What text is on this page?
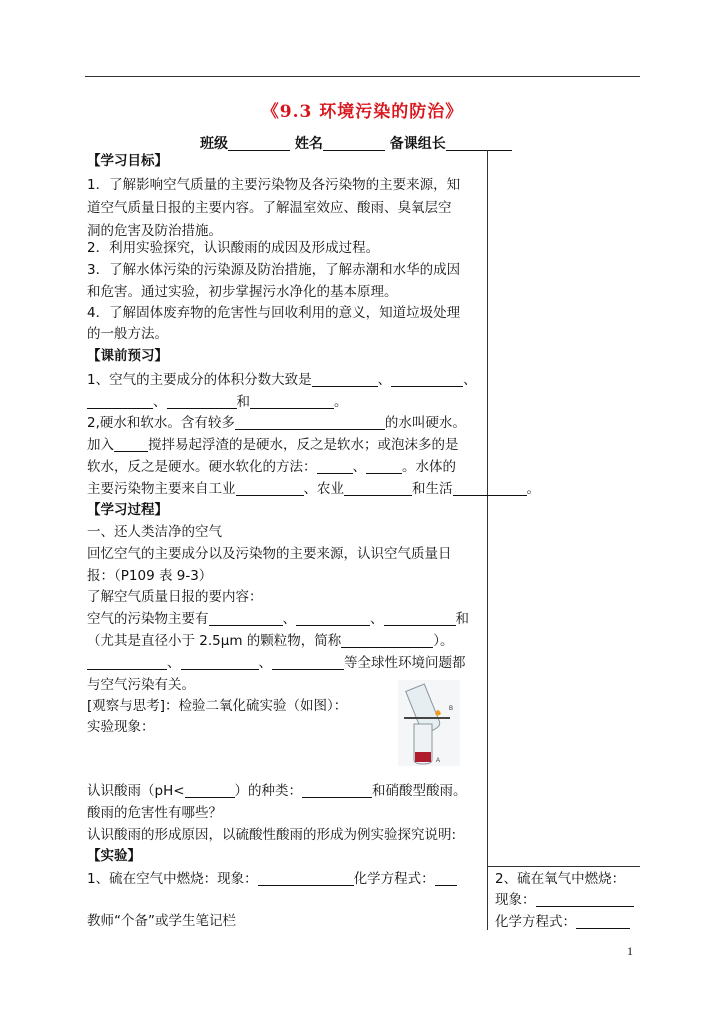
《9.3 环境污染的防治》
班级	姓名	备课组长
【学习目标】
1．了解影响空气质量的主要污染物及各污染物的主要来源，知
道空气质量日报的主要内容。了解温室效应、酸雨、臭氧层空
洞的危害及防治措施。
2．利用实验探究，认识酸雨的成因及形成过程。
3．了解水体污染的污染源及防治措施，了解赤潮和水华的成因
和危害。通过实验，初步掌握污水净化的基本原理。
4．了解固体废弃物的危害性与回收利用的意义，知道垃圾处理
的一般方法。
【课前预习】
1、空气的主要成分的体积分数大致是	、	、
、	和	。
2,硬水和软水。含有较多	的水叫硬水。
加入	搅拌易起浮渣的是硬水，反之是软水；或泡沫多的是
软水，反之是硬水。硬水软化的方法：	、	。水体的
主要污染物主要来自工业	、农业	和生活	。
【学习过程】
一、还人类洁净的空气
回忆空气的主要成分以及污染物的主要来源，认识空气质量日
报：（P109 表 9-3）
了解空气质量日报的要内容：
空气的污染物主要有	、	、	和
（尤其是直径小于 2.5μm 的颗粒物，简称	）。
、	、	等全球性环境问题都
与空气污染有关。
[观察与思考]：检验二氧化硫实验（如图）：
实验现象：
B
A
认识酸雨（pH<	）的种类：	和硝酸型酸雨。
酸雨的危害性有哪些？
认识酸雨的形成原因，以硫酸性酸雨的形成为例实验探究说明:
【实验】
1、硫在空气中燃烧：现象：	化学方程式：
教师“个备”或学生笔记栏
2、硫在氧气中燃烧：
现象：
化学方程式：
1
